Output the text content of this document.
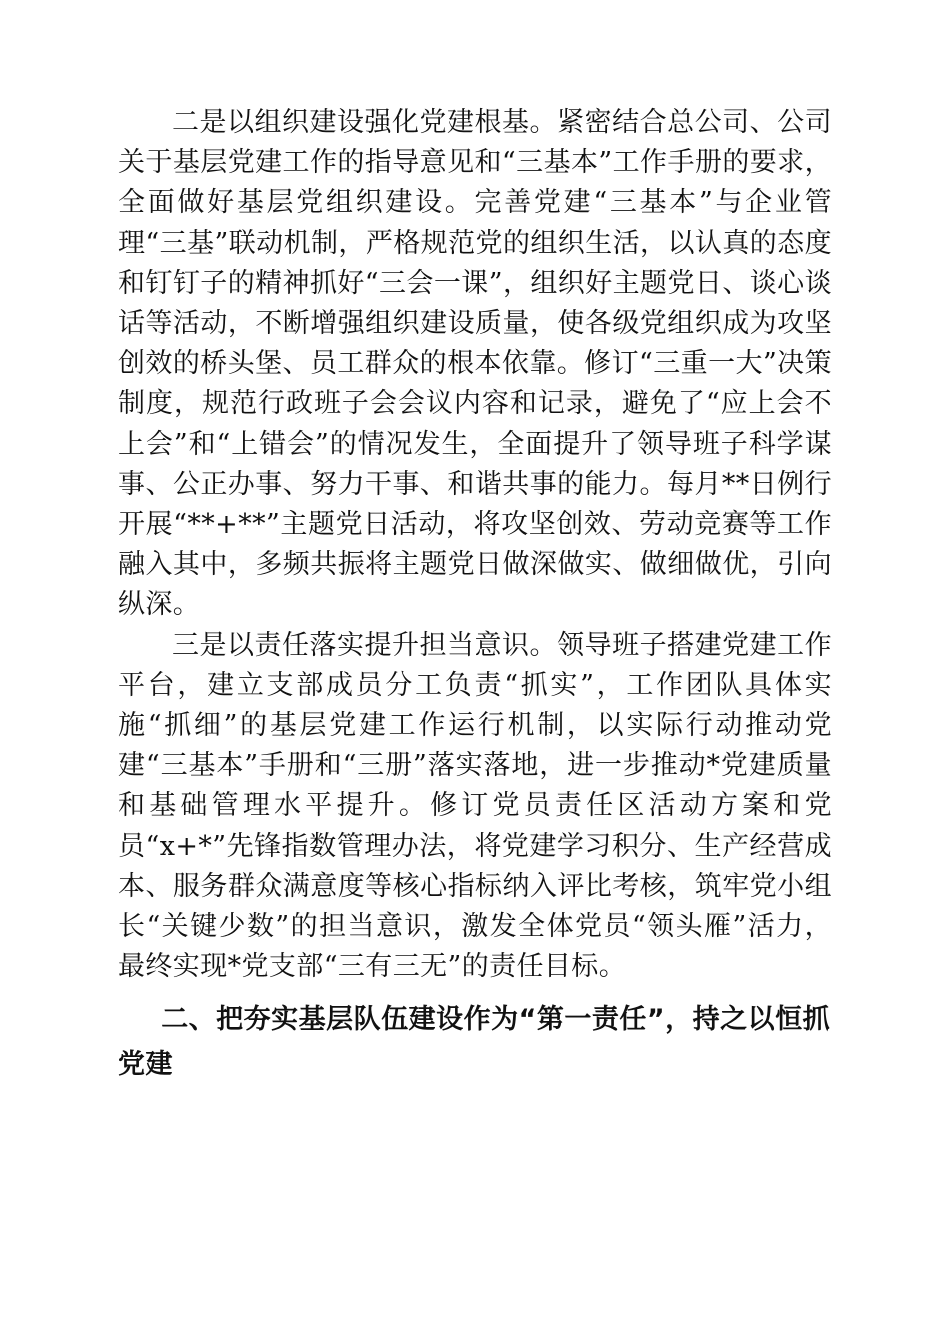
二是以组织建设强化党建根基。紧密结合总公司、公司关于基层党建工作的指导意见和“三基本”工作手册的要求，全面做好基层党组织建设。完善党建“三基本”与企业管理“三基”联动机制，严格规范党的组织生活，以认真的态度和钉钉子的精神抓好“三会一课”，组织好主题党日、谈心谈话等活动，不断增强组织建设质量，使各级党组织成为攻坚创效的桥头堡、员工群众的根本依靠。修订“三重一大”决策制度，规范行政班子会会议内容和记录，避免了“应上会不上会”和“上错会”的情况发生，全面提升了领导班子科学谋事、公正办事、努力干事、和谐共事的能力。每月**日例行开展“**+**”主题党日活动，将攻坚创效、劳动竞赛等工作融入其中，多频共振将主题党日做深做实、做细做优，引向纵深。

三是以责任落实提升担当意识。领导班子搭建党建工作平台，建立支部成员分工负责“抓实”，工作团队具体实施“抓细”的基层党建工作运行机制，以实际行动推动党建“三基本”手册和“三册”落实落地，进一步推动*党建质量和基础管理水平提升。修订党员责任区活动方案和党员“x+*”先锋指数管理办法，将党建学习积分、生产经营成本、服务群众满意度等核心指标纳入评比考核，筑牢党小组长“关键少数”的担当意识，激发全体党员“领头雁”活力，最终实现*党支部“三有三无”的责任目标。

二、把夯实基层队伍建设作为“第一责任”，持之以恒抓党建
